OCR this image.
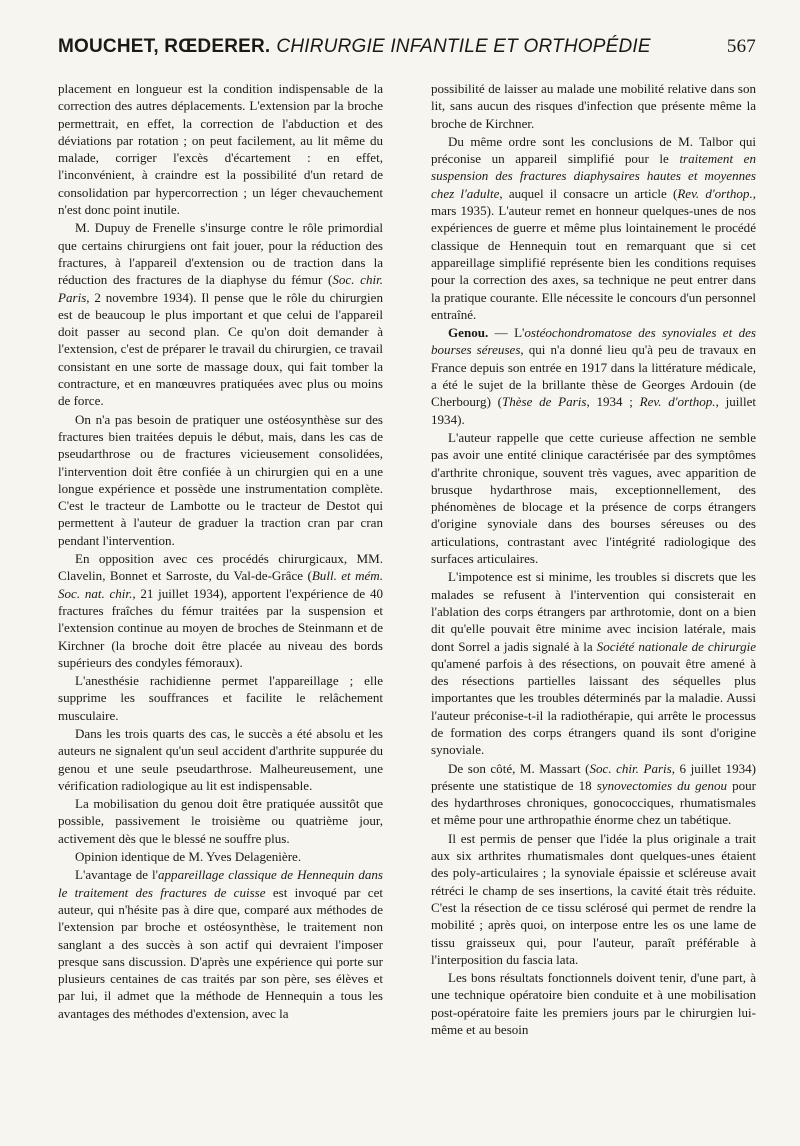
MOUCHET, RŒDERER. CHIRURGIE INFANTILE ET ORTHOPÉDIE	567

placement en longueur est la condition indispensable de la correction des autres déplacements. L'extension par la broche permettrait, en effet, la correction de l'abduction et des déviations par rotation ; on peut facilement, au lit même du malade, corriger l'excès d'écartement : en effet, l'inconvénient, à craindre est la possibilité d'un retard de consolidation par hypercorrection ; un léger chevauchement n'est donc point inutile.

M. Dupuy de Frenelle s'insurge contre le rôle primordial que certains chirurgiens ont fait jouer, pour la réduction des fractures, à l'appareil d'extension ou de traction dans la réduction des fractures de la diaphyse du fémur (Soc. chir. Paris, 2 novembre 1934). Il pense que le rôle du chirurgien est de beaucoup le plus important et que celui de l'appareil doit passer au second plan. Ce qu'on doit demander à l'extension, c'est de préparer le travail du chirurgien, ce travail consistant en une sorte de massage doux, qui fait tomber la contracture, et en manœuvres pratiquées avec plus ou moins de force.

On n'a pas besoin de pratiquer une ostéosynthèse sur des fractures bien traitées depuis le début, mais, dans les cas de pseudarthrose ou de fractures vicieusement consolidées, l'intervention doit être confiée à un chirurgien qui en a une longue expérience et possède une instrumentation complète. C'est le tracteur de Lambotte ou le tracteur de Destot qui permettent à l'auteur de graduer la traction cran par cran pendant l'intervention.

En opposition avec ces procédés chirurgicaux, MM. Clavelin, Bonnet et Sarroste, du Val-de-Grâce (Bull. et mém. Soc. nat. chir., 21 juillet 1934), apportent l'expérience de 40 fractures fraîches du fémur traitées par la suspension et l'extension continue au moyen de broches de Steinmann et de Kirchner (la broche doit être placée au niveau des bords supérieurs des condyles fémoraux).

L'anesthésie rachidienne permet l'appareillage ; elle supprime les souffrances et facilite le relâchement musculaire.

Dans les trois quarts des cas, le succès a été absolu et les auteurs ne signalent qu'un seul accident d'arthrite suppurée du genou et une seule pseudarthrose. Malheureusement, une vérification radiologique au lit est indispensable.

La mobilisation du genou doit être pratiquée aussitôt que possible, passivement le troisième ou quatrième jour, activement dès que le blessé ne souffre plus.

Opinion identique de M. Yves Delagenière.

L'avantage de l'appareillage classique de Hennequin dans le traitement des fractures de cuisse est invoqué par cet auteur, qui n'hésite pas à dire que, comparé aux méthodes de l'extension par broche et ostéosynthèse, le traitement non sanglant a des succès à son actif qui devraient l'imposer presque sans discussion. D'après une expérience qui porte sur plusieurs centaines de cas traités par son père, ses élèves et par lui, il admet que la méthode de Hennequin a tous les avantages des méthodes d'extension, avec la

possibilité de laisser au malade une mobilité relative dans son lit, sans aucun des risques d'infection que présente même la broche de Kirchner.

Du même ordre sont les conclusions de M. Talbor qui préconise un appareil simplifié pour le traitement en suspension des fractures diaphysaires hautes et moyennes chez l'adulte, auquel il consacre un article (Rev. d'orthop., mars 1935). L'auteur remet en honneur quelques-unes de nos expériences de guerre et même plus lointainement le procédé classique de Hennequin tout en remarquant que si cet appareillage simplifié représente bien les conditions requises pour la correction des axes, sa technique ne peut entrer dans la pratique courante. Elle nécessite le concours d'un personnel entraîné.

Genou. — L'ostéochondromatose des synoviales et des bourses séreuses, qui n'a donné lieu qu'à peu de travaux en France depuis son entrée en 1917 dans la littérature médicale, a été le sujet de la brillante thèse de Georges Ardouin (de Cherbourg) (Thèse de Paris, 1934 ; Rev. d'orthop., juillet 1934).

L'auteur rappelle que cette curieuse affection ne semble pas avoir une entité clinique caractérisée par des symptômes d'arthrite chronique, souvent très vagues, avec apparition de brusque hydarthrose mais, exceptionnellement, des phénomènes de blocage et la présence de corps étrangers d'origine synoviale dans des bourses séreuses ou des articulations, contrastant avec l'intégrité radiologique des surfaces articulaires.

L'impotence est si minime, les troubles si discrets que les malades se refusent à l'intervention qui consisterait en l'ablation des corps étrangers par arthrotomie, dont on a bien dit qu'elle pouvait être minime avec incision latérale, mais dont Sorrel a jadis signalé à la Société nationale de chirurgie qu'amené parfois à des résections, on pouvait être amené à des résections partielles laissant des séquelles plus importantes que les troubles déterminés par la maladie. Aussi l'auteur préconise-t-il la radiothérapie, qui arrête le processus de formation des corps étrangers quand ils sont d'origine synoviale.

De son côté, M. Massart (Soc. chir. Paris, 6 juillet 1934) présente une statistique de 18 synovectomies du genou pour des hydarthroses chroniques, gonococciques, rhumatismales et même pour une arthropathie énorme chez un tabétique.

Il est permis de penser que l'idée la plus originale a trait aux six arthrites rhumatismales dont quelques-unes étaient des poly-articulaires ; la synoviale épaissie et scléreuse avait rétréci le champ de ses insertions, la cavité était très réduite. C'est la résection de ce tissu sclérosé qui permet de rendre la mobilité ; après quoi, on interpose entre les os une lame de tissu graisseux qui, pour l'auteur, paraît préférable à l'interposition du fascia lata.

Les bons résultats fonctionnels doivent tenir, d'une part, à une technique opératoire bien conduite et à une mobilisation post-opératoire faite les premiers jours par le chirurgien lui-même et au besoin
